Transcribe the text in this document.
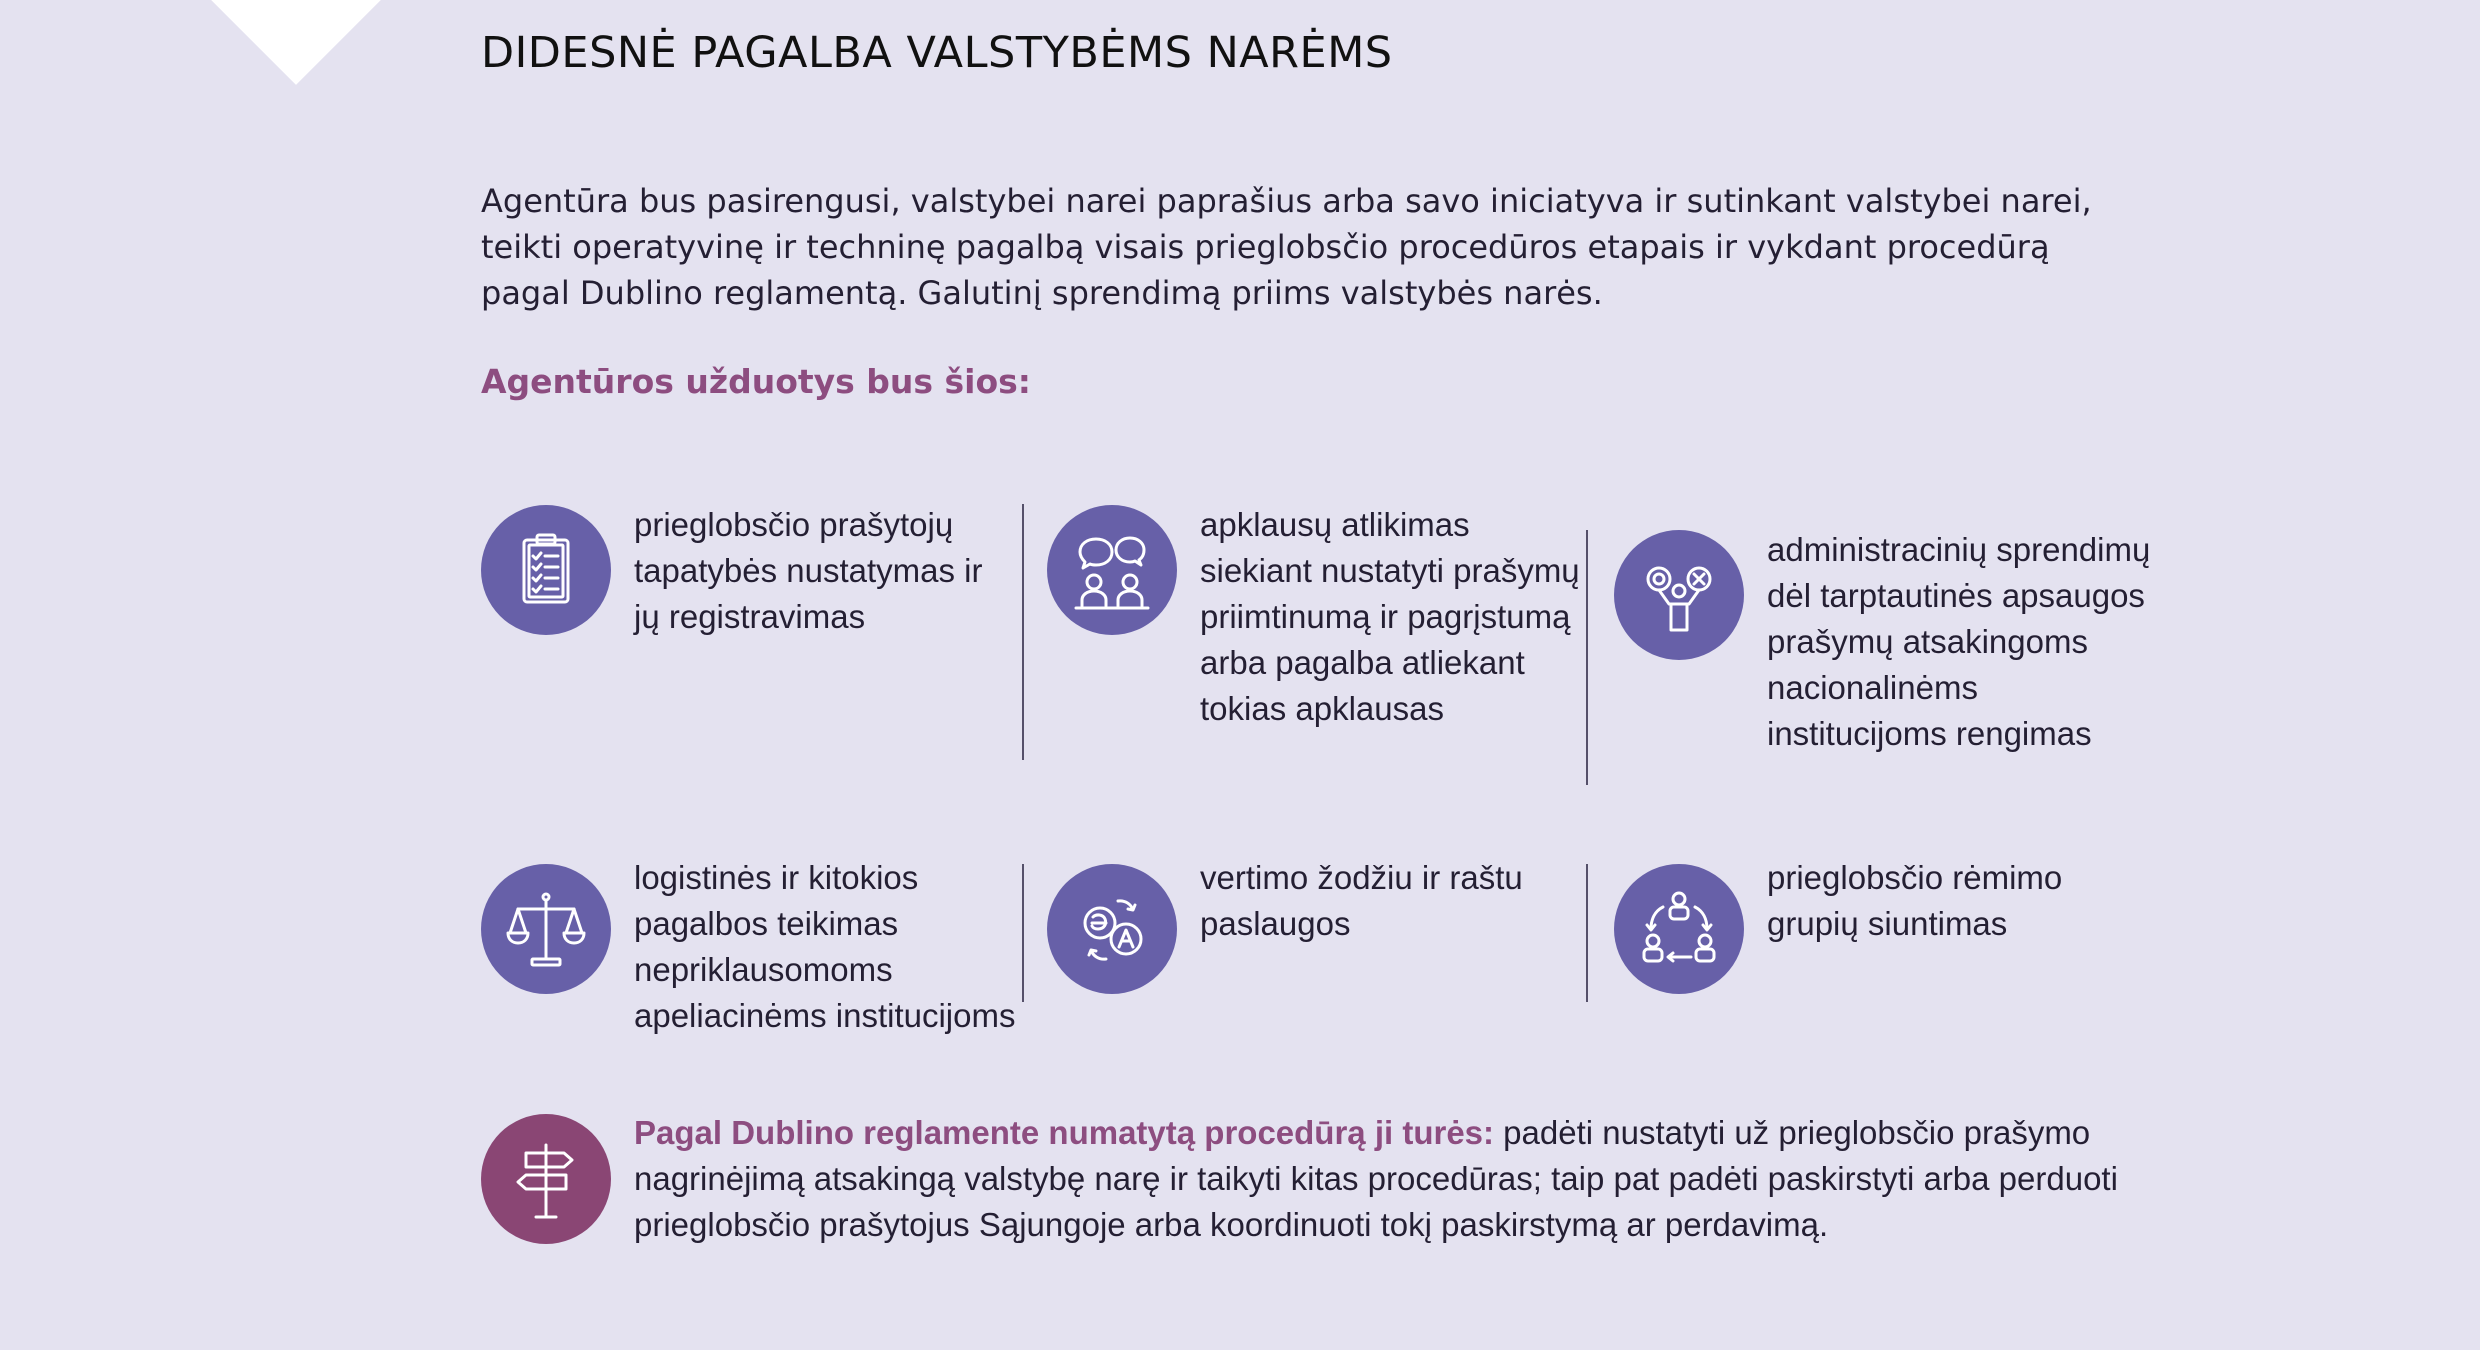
DIDESNĖ PAGALBA VALSTYBĖMS NARĖMS

Agentūra bus pasirengusi, valstybei narei paprašius arba savo iniciatyva ir sutinkant valstybei narei, teikti operatyvinę ir techninę pagalbą visais prieglobsčio procedūros etapais ir vykdant procedūrą pagal Dublino reglamentą. Galutinį sprendimą priims valstybės narės.

Agentūros užduotys bus šios:
prieglobsčio prašytojų
tapatybės nustatymas ir
jų registravimas
apklausų atlikimas
siekiant nustatyti prašymų
priimtinumą ir pagrįstumą
arba pagalba atliekant
tokias apklausas
administracinių sprendimų
dėl tarptautinės apsaugos
prašymų atsakingoms
nacionalinėms
institucijoms rengimas
logistinės ir kitokios
pagalbos teikimas
nepriklausomoms
apeliacinėms institucijoms
vertimo žodžiu ir raštu
paslaugos
prieglobsčio rėmimo
grupių siuntimas

Pagal Dublino reglamente numatytą procedūrą ji turės: padėti nustatyti už prieglobsčio prašymo nagrinėjimą atsakingą valstybę narę ir taikyti kitas procedūras; taip pat padėti paskirstyti arba perduoti prieglobsčio prašytojus Sąjungoje arba koordinuoti tokį paskirstymą ar perdavimą.
